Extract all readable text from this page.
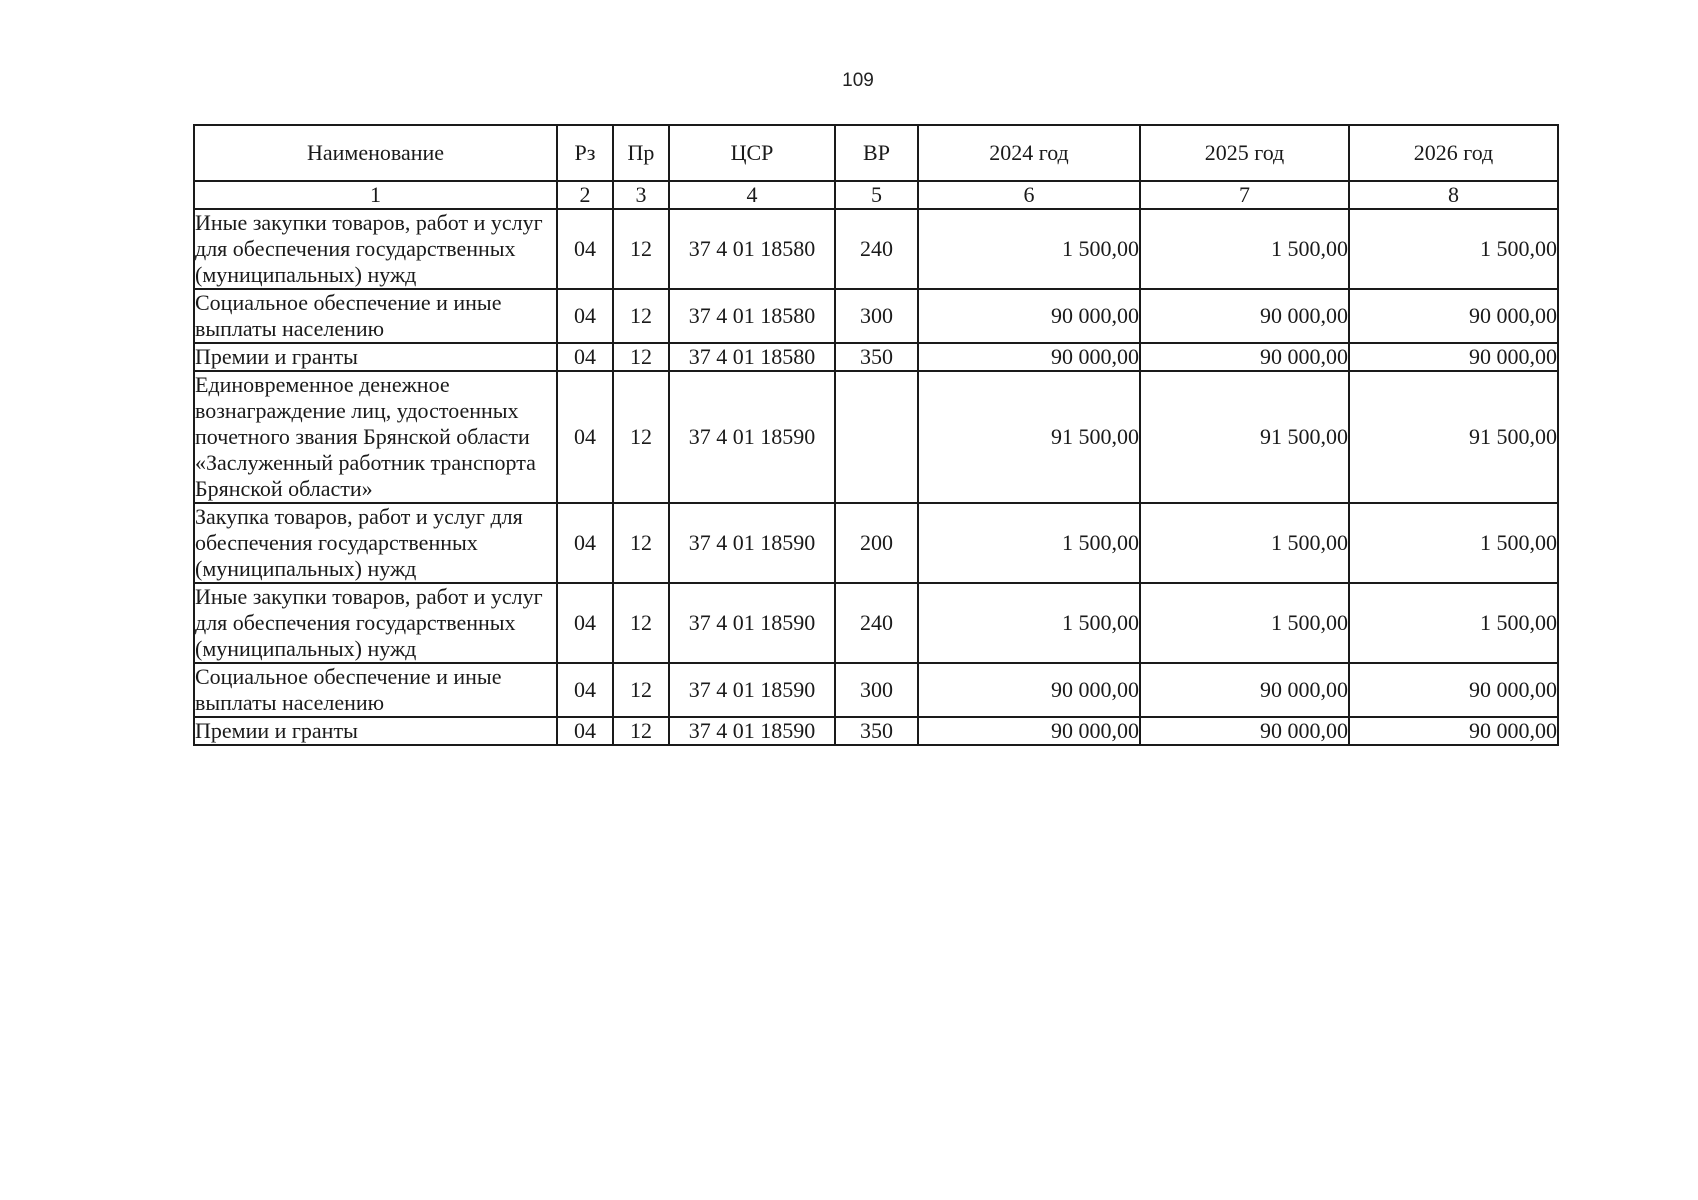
109
Наименование	Рз	Пр	ЦСР	ВР	2024 год	2025 год	2026 год
1	2	3	4	5	6	7	8
Иные закупки товаров, работ и услуг для обеспечения государственных (муниципальных) нужд	04	12	37 4 01 18580	240	1 500,00	1 500,00	1 500,00
Социальное обеспечение и иные выплаты населению	04	12	37 4 01 18580	300	90 000,00	90 000,00	90 000,00
Премии и гранты	04	12	37 4 01 18580	350	90 000,00	90 000,00	90 000,00
Единовременное денежное вознаграждение лиц, удостоенных почетного звания Брянской области «Заслуженный работник транспорта Брянской области»	04	12	37 4 01 18590		91 500,00	91 500,00	91 500,00
Закупка товаров, работ и услуг для обеспечения государственных (муниципальных) нужд	04	12	37 4 01 18590	200	1 500,00	1 500,00	1 500,00
Иные закупки товаров, работ и услуг для обеспечения государственных (муниципальных) нужд	04	12	37 4 01 18590	240	1 500,00	1 500,00	1 500,00
Социальное обеспечение и иные выплаты населению	04	12	37 4 01 18590	300	90 000,00	90 000,00	90 000,00
Премии и гранты	04	12	37 4 01 18590	350	90 000,00	90 000,00	90 000,00
